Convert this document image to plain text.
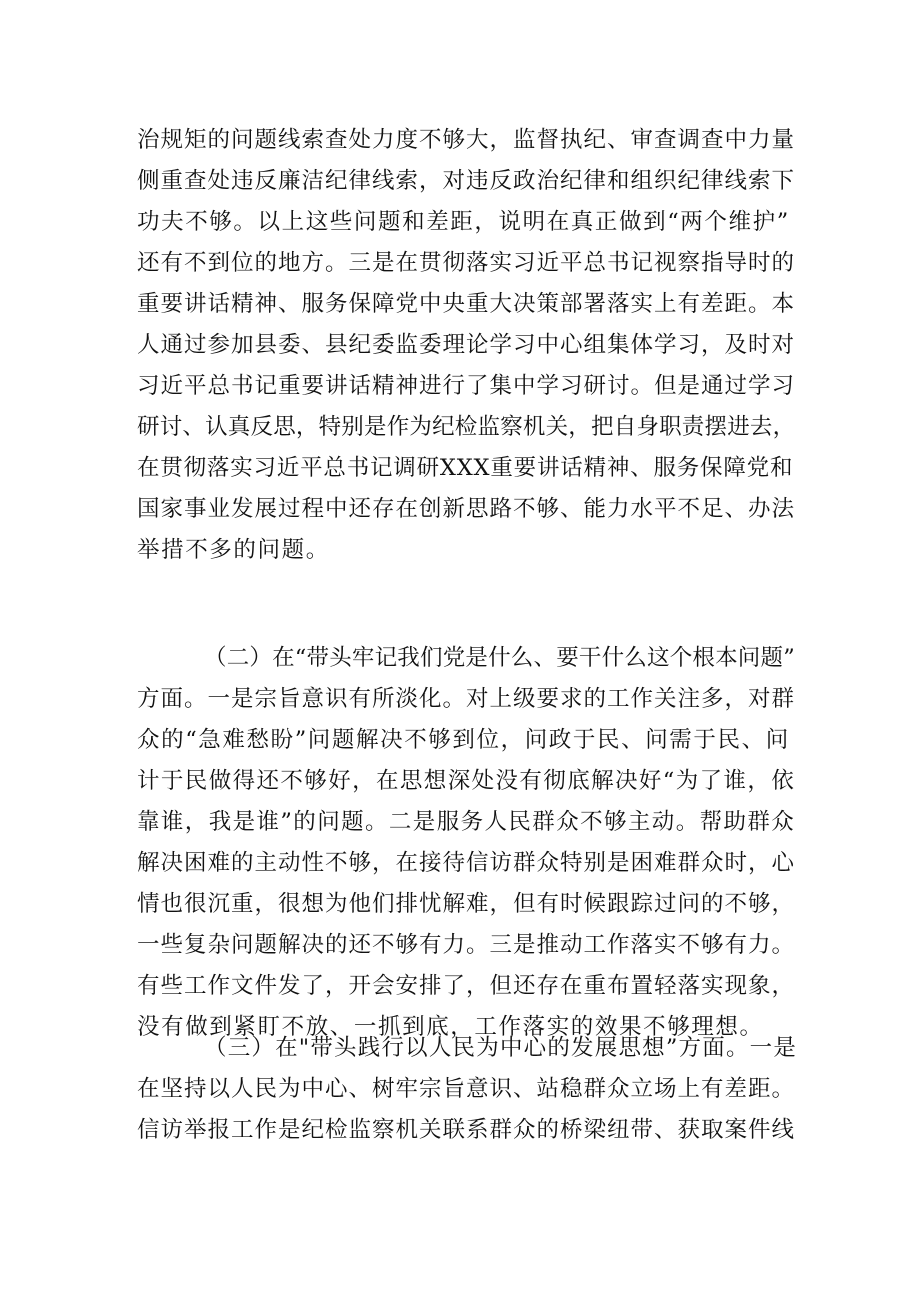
治规矩的问题线索查处力度不够大，监督执纪、审查调查中力量
侧重查处违反廉洁纪律线索，对违反政治纪律和组织纪律线索下
功夫不够。以上这些问题和差距，说明在真正做到“两个维护”
还有不到位的地方。三是在贯彻落实习近平总书记视察指导时的
重要讲话精神、服务保障党中央重大决策部署落实上有差距。本
人通过参加县委、县纪委监委理论学习中心组集体学习，及时对
习近平总书记重要讲话精神进行了集中学习研讨。但是通过学习
研讨、认真反思，特别是作为纪检监察机关，把自身职责摆进去，
在贯彻落实习近平总书记调研XXX重要讲话精神、服务保障党和
国家事业发展过程中还存在创新思路不够、能力水平不足、办法
举措不多的问题。
（二）在“带头牢记我们党是什么、要干什么这个根本问题”
方面。一是宗旨意识有所淡化。对上级要求的工作关注多，对群
众的“急难愁盼”问题解决不够到位，问政于民、问需于民、问
计于民做得还不够好，在思想深处没有彻底解决好“为了谁，依
靠谁，我是谁”的问题。二是服务人民群众不够主动。帮助群众
解决困难的主动性不够，在接待信访群众特别是困难群众时，心
情也很沉重，很想为他们排忧解难，但有时候跟踪过问的不够，
一些复杂问题解决的还不够有力。三是推动工作落实不够有力。
有些工作文件发了，开会安排了，但还存在重布置轻落实现象，
没有做到紧盯不放、一抓到底，工作落实的效果不够理想。
（三）在"带头践行以人民为中心的发展思想”方面。一是
在坚持以人民为中心、树牢宗旨意识、站稳群众立场上有差距。
信访举报工作是纪检监察机关联系群众的桥梁纽带、获取案件线
